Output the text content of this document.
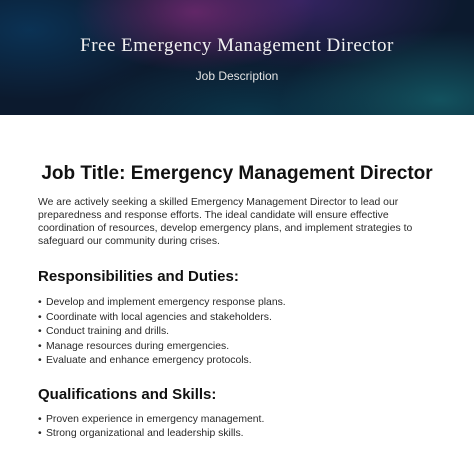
Free Emergency Management Director
Job Description
Job Title: Emergency Management Director

We are actively seeking a skilled Emergency Management Director to lead our preparedness and response efforts. The ideal candidate will ensure effective coordination of resources, develop emergency plans, and implement strategies to safeguard our community during crises.

Responsibilities and Duties:
• Develop and implement emergency response plans.
• Coordinate with local agencies and stakeholders.
• Conduct training and drills.
• Manage resources during emergencies.
• Evaluate and enhance emergency protocols.
Qualifications and Skills:
• Proven experience in emergency management.
• Strong organizational and leadership skills.
